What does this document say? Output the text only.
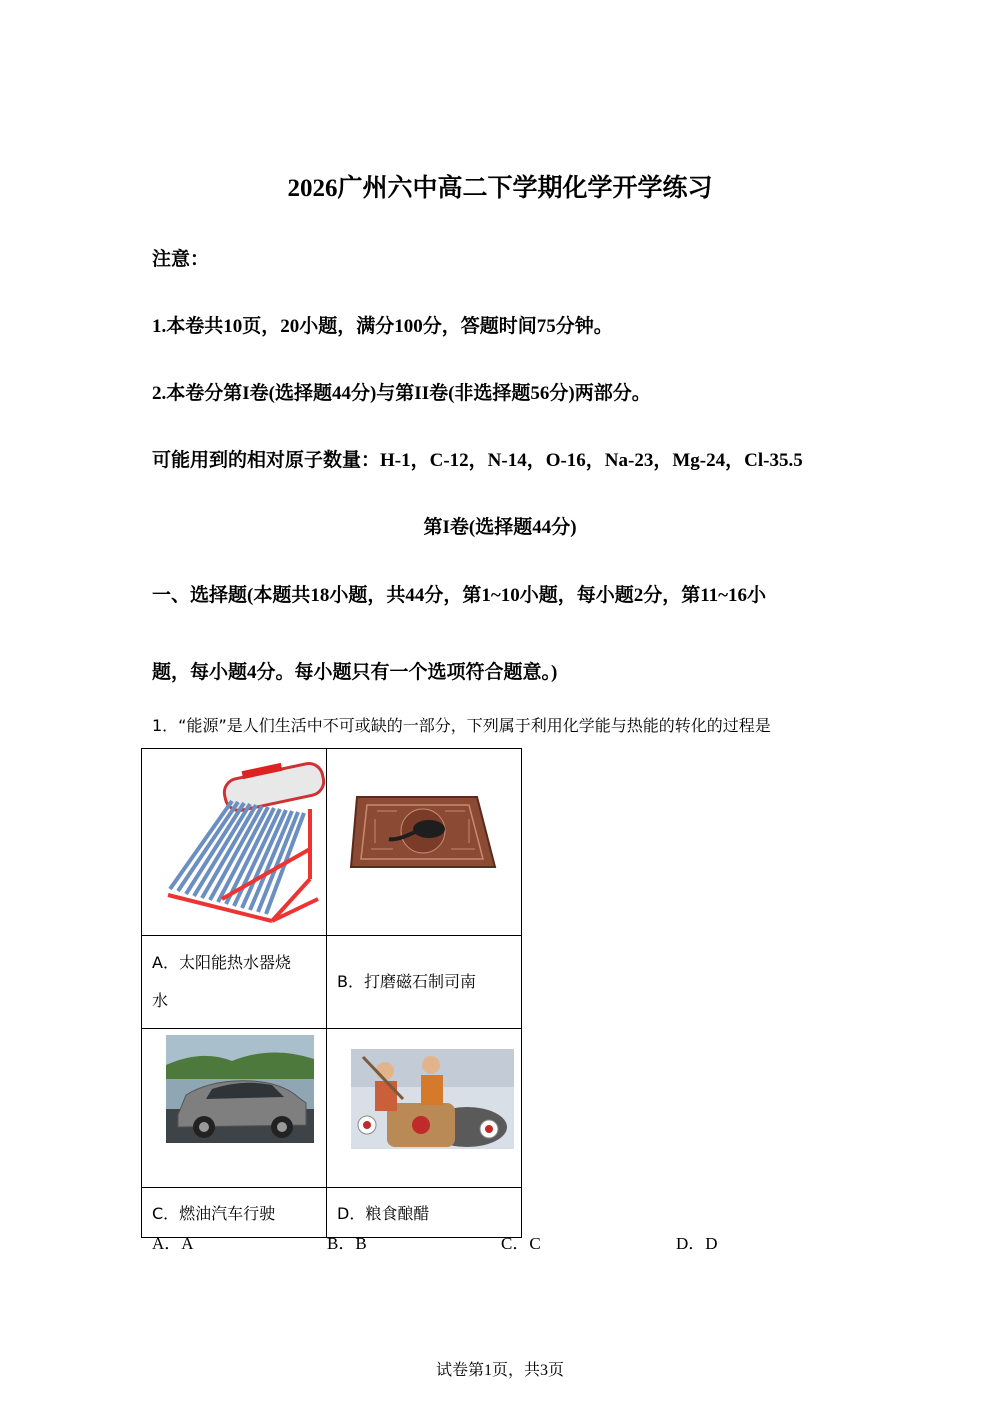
2026广州六中高二下学期化学开学练习
注意：
1.本卷共10页，20小题，满分100分，答题时间75分钟。
2.本卷分第I卷(选择题44分)与第II卷(非选择题56分)两部分。
可能用到的相对原子数量：H-1，C-12，N-14，O-16，Na-23，Mg-24，Cl-35.5
第I卷(选择题44分)
一、选择题(本题共18小题，共44分，第1~10小题，每小题2分，第11~16小
题，每小题4分。每小题只有一个选项符合题意。)
1．“能源”是人们生活中不可或缺的一部分，下列属于利用化学能与热能的转化的过程是

A．太阳能热水器烧
水	B．打磨磁石制司南

C．燃油汽车行驶	D．粮食酿醋
A．A	B．B	C．C	D．D
试卷第1页，共3页
